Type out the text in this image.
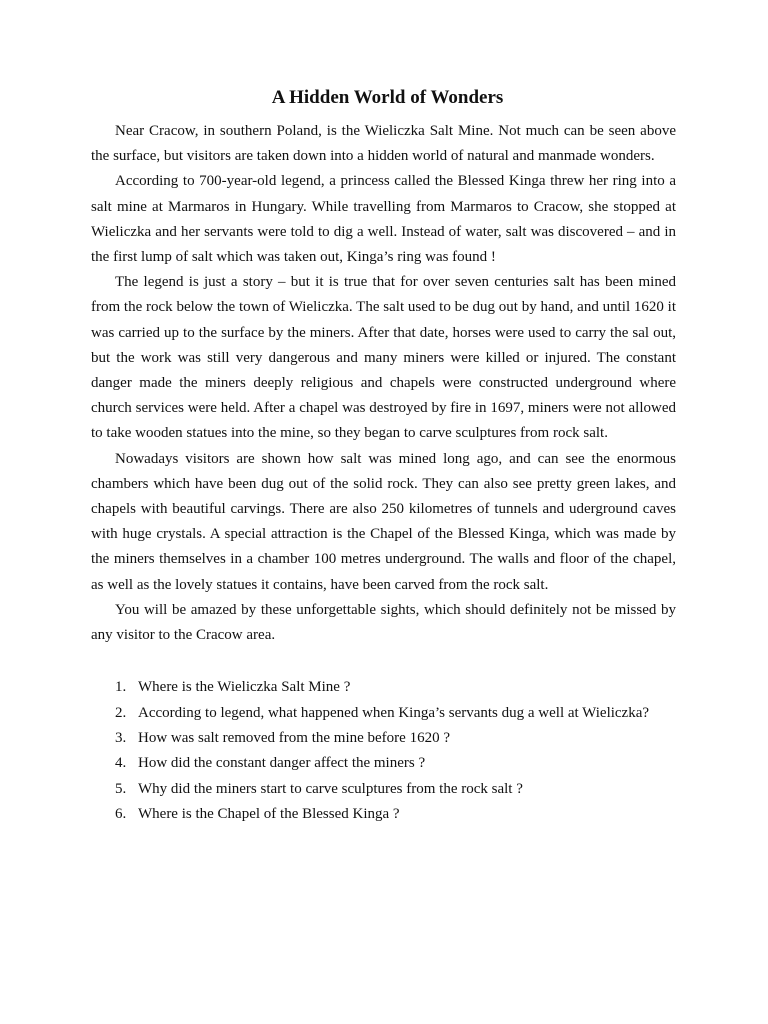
A Hidden World of Wonders

Near Cracow, in southern Poland, is the Wieliczka Salt Mine. Not much can be seen above the surface, but visitors are taken down into a hidden world of natural and manmade wonders.

According to 700-year-old legend, a princess called the Blessed Kinga threw her ring into a salt mine at Marmaros in Hungary. While travelling from Marmaros to Cracow, she stopped at Wieliczka and her servants were told to dig a well. Instead of water, salt was discovered – and in the first lump of salt which was taken out, Kinga’s ring was found !

The legend is just a story – but it is true that for over seven centuries salt has been mined from the rock below the town of Wieliczka. The salt used to be dug out by hand, and until 1620 it was carried up to the surface by the miners. After that date, horses were used to carry the sal out, but the work was still very dangerous and many miners were killed or injured. The constant danger made the miners deeply religious and chapels were constructed underground where church services were held. After a chapel was destroyed by fire in 1697, miners were not allowed to take wooden statues into the mine, so they began to carve sculptures from rock salt.

Nowadays visitors are shown how salt was mined long ago, and can see the enormous chambers which have been dug out of the solid rock. They can also see pretty green lakes, and chapels with beautiful carvings. There are also 250 kilometres of tunnels and uderground caves with huge crystals. A special attraction is the Chapel of the Blessed Kinga, which was made by the miners themselves in a chamber 100 metres underground. The walls and floor of the chapel, as well as the lovely statues it contains, have been carved from the rock salt.

You will be amazed by these unforgettable sights, which should definitely not be missed by any visitor to the Cracow area.

1. Where is the Wieliczka Salt Mine ?
2. According to legend, what happened when Kinga’s servants dug a well at Wieliczka?
3. How was salt removed from the mine before 1620 ?
4. How did the constant danger affect the miners ?
5. Why did the miners start to carve sculptures from the rock salt ?
6. Where is the Chapel of the Blessed Kinga ?
